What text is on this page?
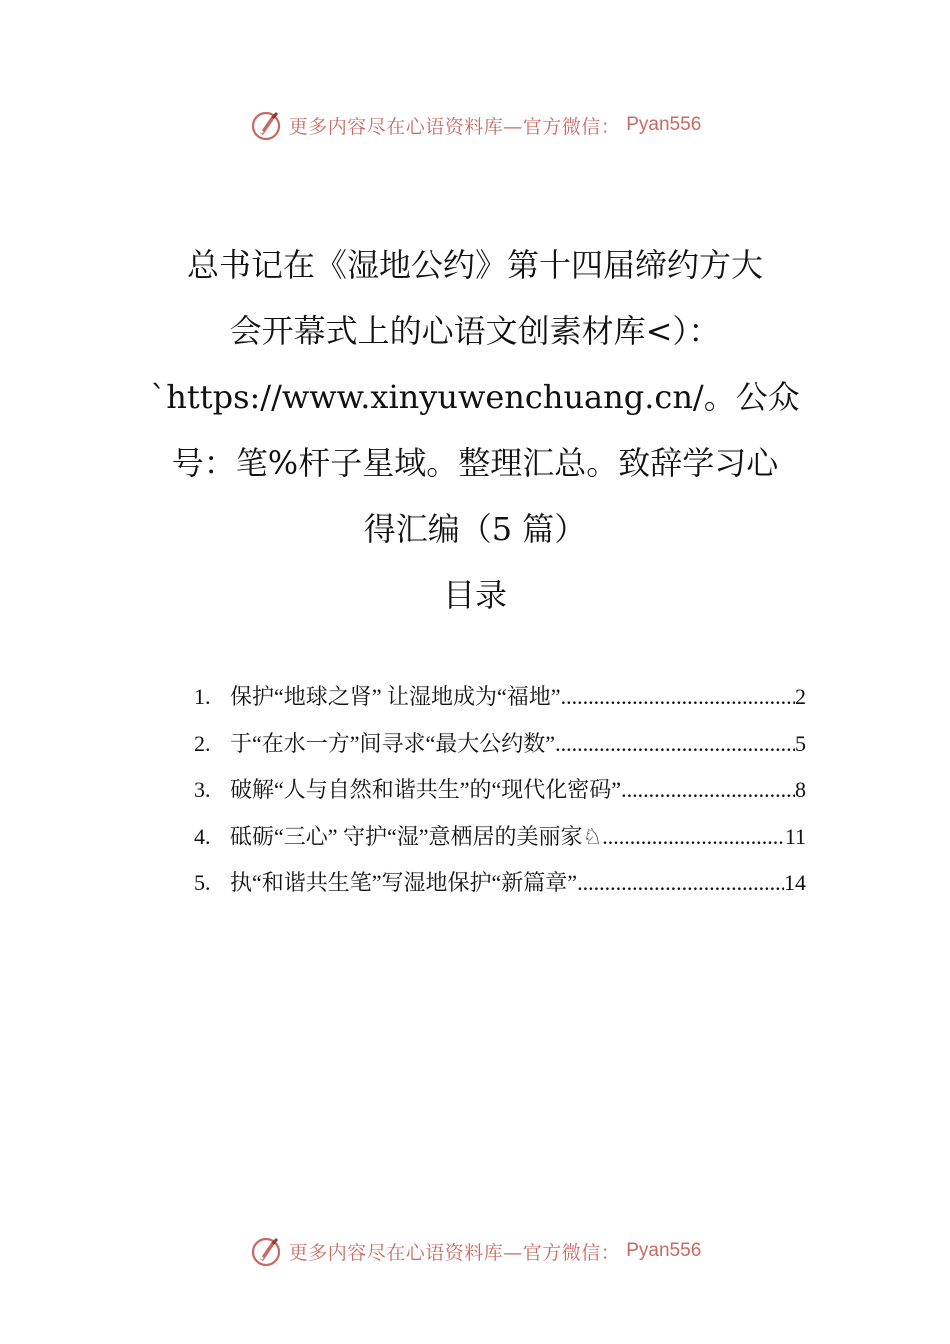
更多内容尽在心语资料库—官方微信： Pyan556
总书记在《湿地公约》第十四届缔约方大
会开幕式上的心语文创素材库<）：
`https://www.xinyuwenchuang.cn/。公众
号：笔%杆子星域。整理汇总。致辞学习心
得汇编（5 篇）
目录
1. 保护“地球之肾” 让湿地成为“福地” .....	2
2. 于“在水一方”间寻求“最大公约数” .....	5
3. 破解“人与自然和谐共生”的“现代化密码” .....	8
4. 砥砺“三心” 守护“湿”意栖居的美丽家♘ .....	11
5. 执“和谐共生笔”写湿地保护“新篇章” .....	14
更多内容尽在心语资料库—官方微信： Pyan556
